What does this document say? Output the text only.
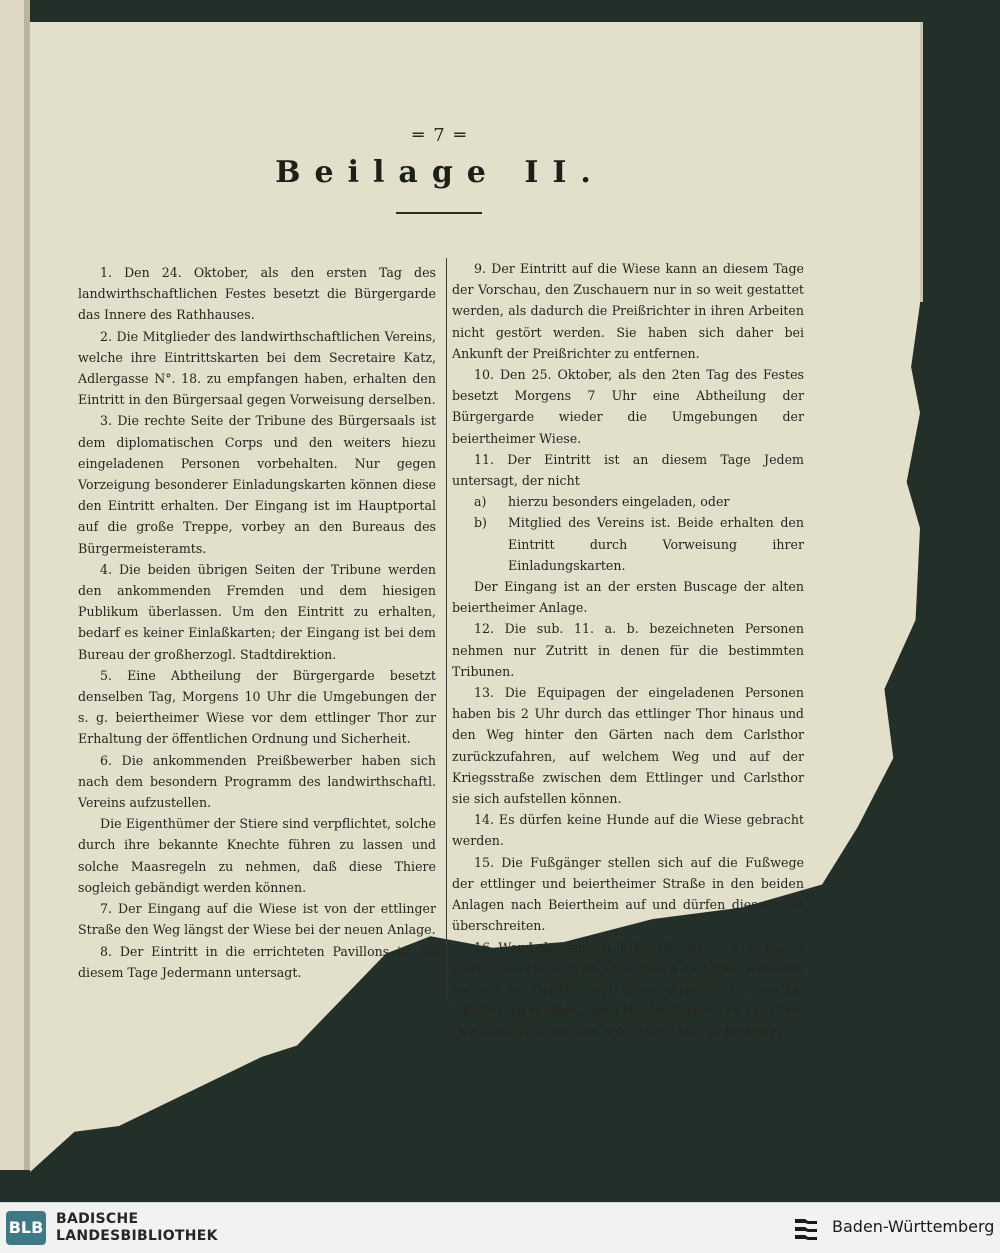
═ 7 ═
Beilage II.

1. Den 24. Oktober, als den ersten Tag des landwirthschaftlichen Festes besetzt die Bürgergarde das Innere des Rathhauses.

2. Die Mitglieder des landwirthschaftlichen Vereins, welche ihre Eintrittskarten bei dem Secretaire Katz, Adlergasse N°. 18. zu empfangen haben, erhalten den Eintritt in den Bürgersaal gegen Vorweisung derselben.

3. Die rechte Seite der Tribune des Bürgersaals ist dem diplomatischen Corps und den weiters hiezu eingeladenen Personen vorbehalten. Nur gegen Vorzeigung besonderer Einladungskarten können diese den Eintritt erhalten. Der Eingang ist im Hauptportal auf die große Treppe, vorbey an den Bureaus des Bürgermeisteramts.

4. Die beiden übrigen Seiten der Tribune werden den ankommenden Fremden und dem hiesigen Publikum überlassen. Um den Eintritt zu erhalten, bedarf es keiner Einlaßkarten; der Eingang ist bei dem Bureau der großherzogl. Stadtdirektion.

5. Eine Abtheilung der Bürgergarde besetzt denselben Tag, Morgens 10 Uhr die Umgebungen der s. g. beiertheimer Wiese vor dem ettlinger Thor zur Erhaltung der öffentlichen Ordnung und Sicherheit.

6. Die ankommenden Preißbewerber haben sich nach dem besondern Programm des landwirthschaftl. Vereins aufzustellen.

Die Eigenthümer der Stiere sind verpflichtet, solche durch ihre bekannte Knechte führen zu lassen und solche Maasregeln zu nehmen, daß diese Thiere sogleich gebändigt werden können.

7. Der Eingang auf die Wiese ist von der ettlinger Straße den Weg längst der Wiese bei der neuen Anlage.

8. Der Eintritt in die errichteten Pavillons ist an diesem Tage Jedermann untersagt.

9. Der Eintritt auf die Wiese kann an diesem Tage der Vorschau, den Zuschauern nur in so weit gestattet werden, als dadurch die Preißrichter in ihren Arbeiten nicht gestört werden. Sie haben sich daher bei Ankunft der Preißrichter zu entfernen.

10. Den 25. Oktober, als den 2ten Tag des Festes besetzt Morgens 7 Uhr eine Abtheilung der Bürgergarde wieder die Umgebungen der beiertheimer Wiese.

11. Der Eintritt ist an diesem Tage Jedem untersagt, der nicht

a) hierzu besonders eingeladen, oder

b) Mitglied des Vereins ist. Beide erhalten den Eintritt durch Vorweisung ihrer Einladungskarten.

Der Eingang ist an der ersten Buscage der alten beiertheimer Anlage.

12. Die sub. 11. a. b. bezeichneten Personen nehmen nur Zutritt in denen für die bestimmten Tribunen.

13. Die Equipagen der eingeladenen Personen haben bis 2 Uhr durch das ettlinger Thor hinaus und den Weg hinter den Gärten nach dem Carlsthor zurückzufahren, auf welchem Weg und auf der Kriegsstraße zwischen dem Ettlinger und Carlsthor sie sich aufstellen können.

14. Es dürfen keine Hunde auf die Wiese gebracht werden.

15. Die Fußgänger stellen sich auf die Fußwege der ettlinger und beiertheimer Straße in den beiden Anlagen nach Beiertheim auf und dürfen diese nicht überschreiten.

16. Wer Lebensmittel, Erfrischungen u. s. w. feil zu bieten und einen Platz angewiesen zu haben wünscht, hat sich bei Großherzogl. Polizeydirektion bis zum 14. Oktober zu melden, um Erlaubnißkarten zu erhalten. Der Polizeykommissair Scholl wird jedem die Plätze

BLB BADISCHE
LANDESBIBLIOTHEK	Baden-Württemberg
